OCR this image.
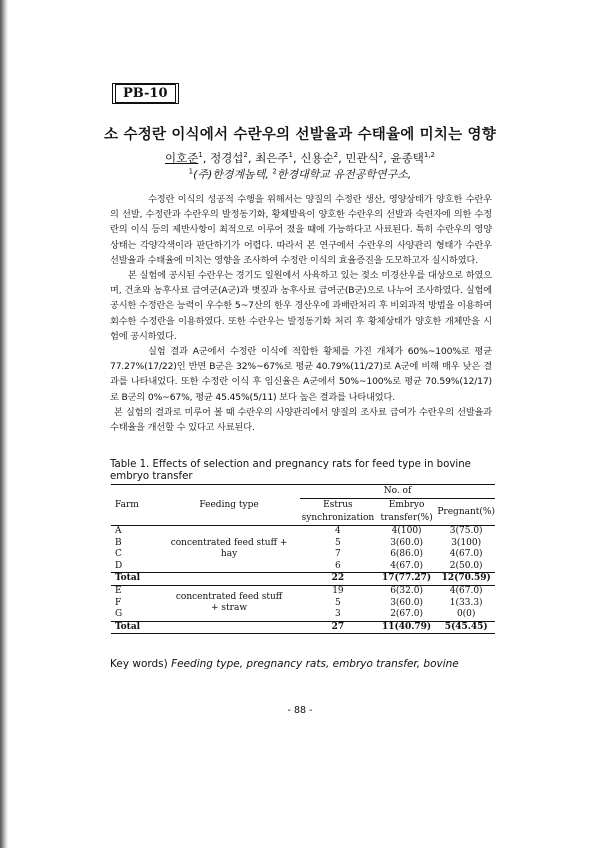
PB-10
소 수정란 이식에서 수란우의 선발율과 수태율에 미치는 영향
이호준$^1$, 정경섭$^2$, 최은주$^1$, 신용순$^2$, 민관식$^2$, 윤종택$^{1,2}$
$^1$(주)한경계놈텍, $^2$한경대학교 유전공학연구소,

수정란 이식의 성공적 수행을 위해서는 양질의 수정란 생산, 영양상태가 양호한 수란우의 선발, 수정란과 수란우의 발정동기화, 황체발육이 양호한 수란우의 선발과 숙련자에 의한 수정란의 이식 등의 제반사항이 최적으로 이루어 졌을 때에 가능하다고 사료된다. 특히 수란우의 영양상태는 각양각색이라 판단하기가 어렵다. 따라서 본 연구에서 수란우의 사양관리 형태가 수란우 선발율과 수태율에 미치는 영향을 조사하여 수정란 이식의 효율증진을 도모하고자 실시하였다.

본 실험에 공시된 수란우는 경기도 일원에서 사육하고 있는 젖소 미경산우를 대상으로 하였으며, 건초와 농후사료 급여군(A군)과 볏짚과 농후사료 급여군(B군)으로 나누어 조사하였다. 실험에 공시한 수정란은 능력이 우수한 5~7산의 한우 경산우에 과배란처리 후 비외과적 방법을 이용하여 회수한 수정란을 이용하였다. 또한 수란우는 발정동기화 처리 후 황체상태가 양호한 개체만을 시험에 공시하였다.

실험 결과 A군에서 수정란 이식에 적합한 황체를 가진 개체가 60%~100%로 평균 77.27%(17/22)인 반면 B군은 32%~67%로 평균 40.79%(11/27)로 A군에 비해 매우 낮은 결과를 나타내었다. 또한 수정란 이식 후 임신율은 A군에서 50%~100%로 평균 70.59%(12/17)로 B군의 0%~67%, 평균 45.45%(5/11) 보다 높은 결과를 나타내었다.

본 실험의 결과로 미루어 볼 때 수란우의 사양관리에서 양질의 조사료 급여가 수란우의 선발율과 수태율을 개선할 수 있다고 사료된다.

Table 1. Effects of selection and pregnancy rats for feed type in bovine embryo transfer
Farm	Feeding type	No. of		
		Estrus	Embryo	Pregnant(%)
		synchronization	transfer(%)	
A	concentrated feed stuff +
hay	4	4(100)	3(75.0)
B		5	3(60.0)	3(100)
C		7	6(86.0)	4(67.0)
D		6	4(67.0)	2(50.0)
Total		22	17(77.27)	12(70.59)
E	concentrated feed stuff
+ straw	19	6(32.0)	4(67.0)
F		5	3(60.0)	1(33.3)
G		3	2(67.0)	0(0)
Total		27	11(40.79)	5(45.45)
Key words) Feeding type, pregnancy rats, embryo transfer, bovine
- 88 -
